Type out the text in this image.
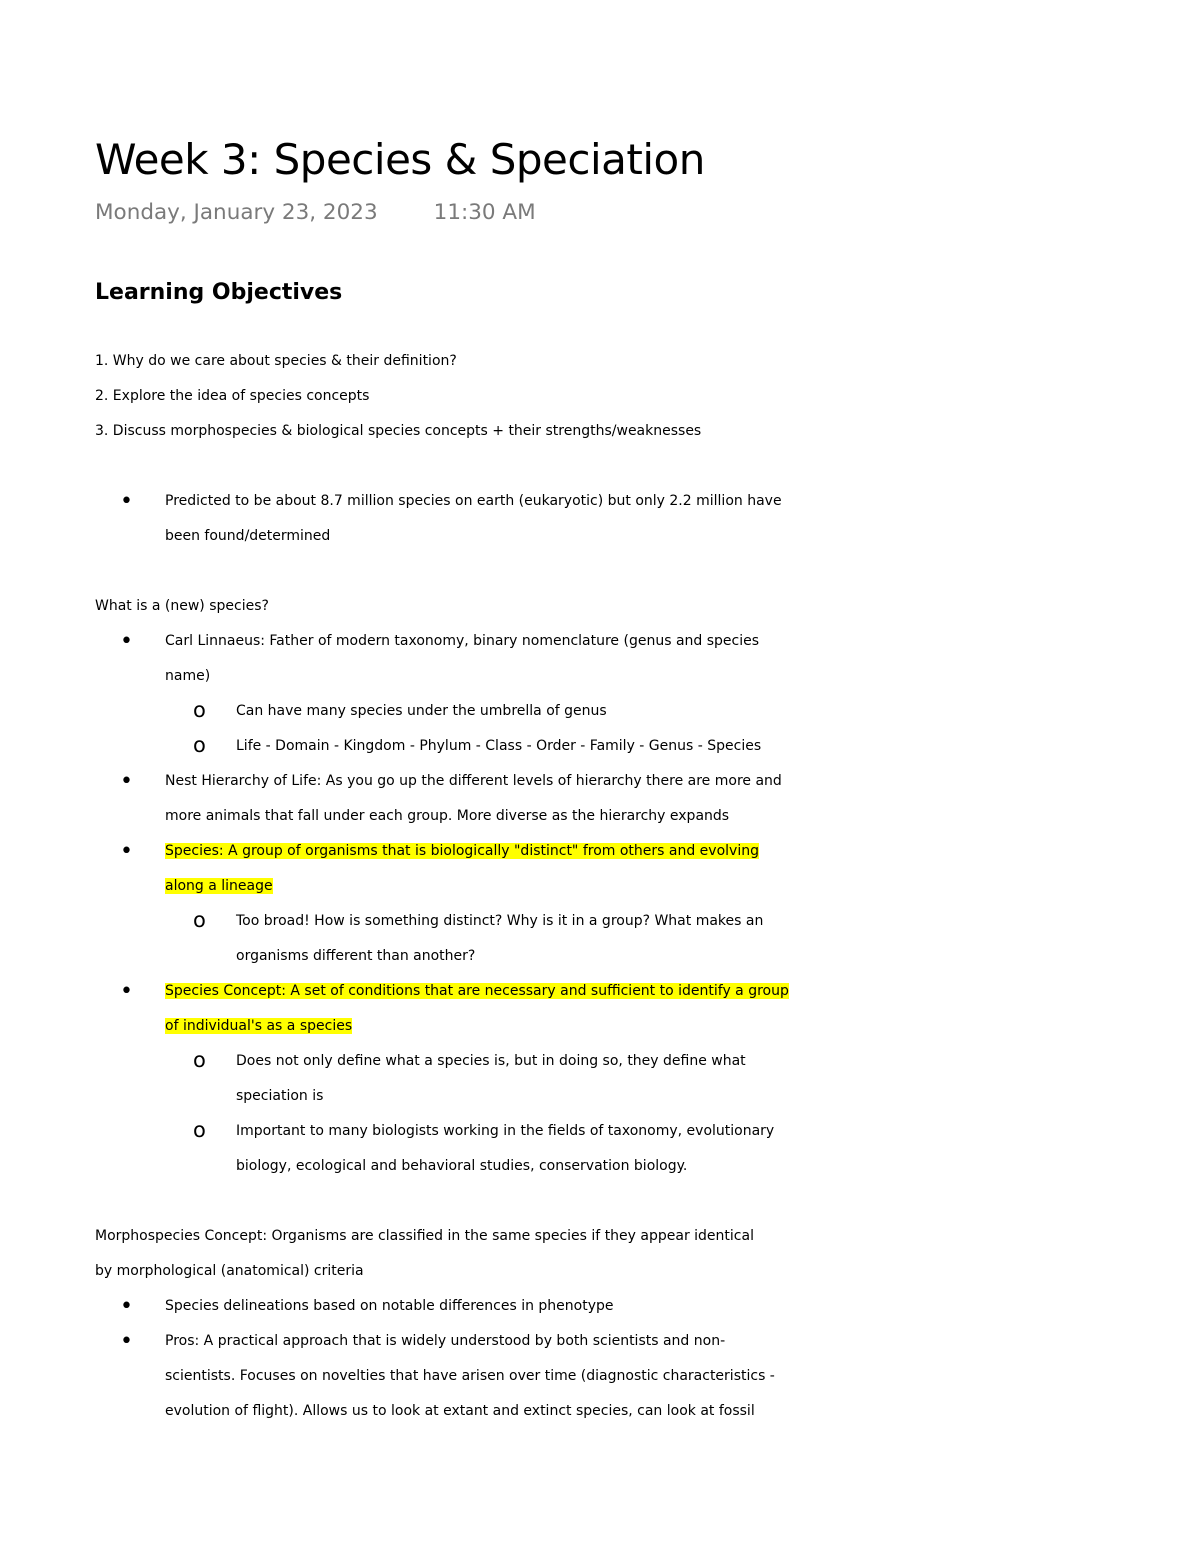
Week 3: Species & Speciation
Monday, January 23, 2023	11:30 AM
Learning Objectives
1. Why do we care about species & their definition?
2. Explore the idea of species concepts
3. Discuss morphospecies & biological species concepts + their strengths/weaknesses
• Predicted to be about 8.7 million species on earth (eukaryotic) but only 2.2 million have
been found/determined
What is a (new) species?
• Carl Linnaeus: Father of modern taxonomy, binary nomenclature (genus and species
name)
o Can have many species under the umbrella of genus
o Life - Domain - Kingdom - Phylum - Class - Order - Family - Genus - Species
• Nest Hierarchy of Life: As you go up the different levels of hierarchy there are more and
more animals that fall under each group. More diverse as the hierarchy expands
• Species: A group of organisms that is biologically "distinct" from others and evolving
along a lineage
o Too broad! How is something distinct? Why is it in a group? What makes an
organisms different than another?
• Species Concept: A set of conditions that are necessary and sufficient to identify a group
of individual's as a species
o Does not only define what a species is, but in doing so, they define what
speciation is
o Important to many biologists working in the fields of taxonomy, evolutionary
biology, ecological and behavioral studies, conservation biology.
Morphospecies Concept: Organisms are classified in the same species if they appear identical
by morphological (anatomical) criteria
• Species delineations based on notable differences in phenotype
• Pros: A practical approach that is widely understood by both scientists and non-
scientists. Focuses on novelties that have arisen over time (diagnostic characteristics -
evolution of flight). Allows us to look at extant and extinct species, can look at fossil
